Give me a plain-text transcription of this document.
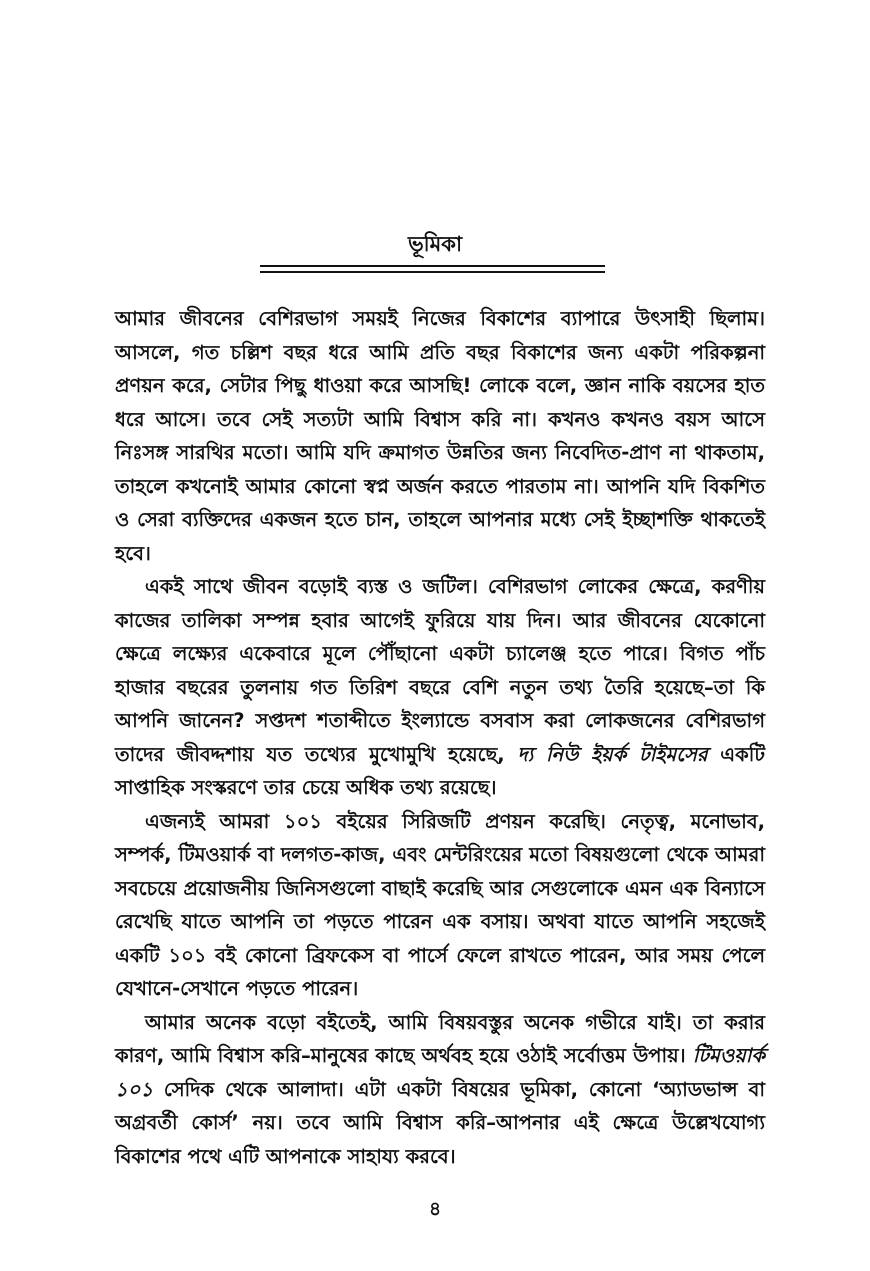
ভূমিকা

আমার জীবনের বেশিরভাগ সময়ই নিজের বিকাশের ব্যাপারে উৎসাহী ছিলাম। আসলে, গত চল্লিশ বছর ধরে আমি প্রতি বছর বিকাশের জন্য একটা পরিকল্পনা প্রণয়ন করে, সেটার পিছু ধাওয়া করে আসছি! লোকে বলে, জ্ঞান নাকি বয়সের হাত ধরে আসে। তবে সেই সত্যটা আমি বিশ্বাস করি না। কখনও কখনও বয়স আসে নিঃসঙ্গ সারথির মতো। আমি যদি ক্রমাগত উন্নতির জন্য নিবেদিত-প্রাণ না থাকতাম, তাহলে কখনোই আমার কোনো স্বপ্ন অর্জন করতে পারতাম না। আপনি যদি বিকশিত ও সেরা ব্যক্তিদের একজন হতে চান, তাহলে আপনার মধ্যে সেই ইচ্ছাশক্তি থাকতেই হবে।

একই সাথে জীবন বড়োই ব্যস্ত ও জটিল। বেশিরভাগ লোকের ক্ষেত্রে, করণীয় কাজের তালিকা সম্পন্ন হবার আগেই ফুরিয়ে যায় দিন। আর জীবনের যেকোনো ক্ষেত্রে লক্ষ্যের একেবারে মূলে পৌঁছানো একটা চ্যালেঞ্জ হতে পারে। বিগত পাঁচ হাজার বছরের তুলনায় গত তিরিশ বছরে বেশি নতুন তথ্য তৈরি হয়েছে–তা কি আপনি জানেন? সপ্তদশ শতাব্দীতে ইংল্যান্ডে বসবাস করা লোকজনের বেশিরভাগ তাদের জীবদ্দশায় যত তথ্যের মুখোমুখি হয়েছে, দ্য নিউ ইয়র্ক টাইমসের একটি সাপ্তাহিক সংস্করণে তার চেয়ে অধিক তথ্য রয়েছে।

এজন্যই আমরা ১০১ বইয়ের সিরিজটি প্রণয়ন করেছি। নেতৃত্ব, মনোভাব, সম্পর্ক, টিমওয়ার্ক বা দলগত-কাজ, এবং মেন্টরিংয়ের মতো বিষয়গুলো থেকে আমরা সবচেয়ে প্রয়োজনীয় জিনিসগুলো বাছাই করেছি আর সেগুলোকে এমন এক বিন্যাসে রেখেছি যাতে আপনি তা পড়তে পারেন এক বসায়। অথবা যাতে আপনি সহজেই একটি ১০১ বই কোনো ব্রিফকেস বা পার্সে ফেলে রাখতে পারেন, আর সময় পেলে যেখানে-সেখানে পড়তে পারেন।

আমার অনেক বড়ো বইতেই, আমি বিষয়বস্তুর অনেক গভীরে যাই। তা করার কারণ, আমি বিশ্বাস করি–মানুষের কাছে অর্থবহ হয়ে ওঠাই সর্বোত্তম উপায়। টিমওয়ার্ক ১০১ সেদিক থেকে আলাদা। এটা একটা বিষয়ের ভূমিকা, কোনো ‘অ্যাডভান্স বা অগ্রবর্তী কোর্স’ নয়। তবে আমি বিশ্বাস করি–আপনার এই ক্ষেত্রে উল্লেখযোগ্য বিকাশের পথে এটি আপনাকে সাহায্য করবে।

৪
